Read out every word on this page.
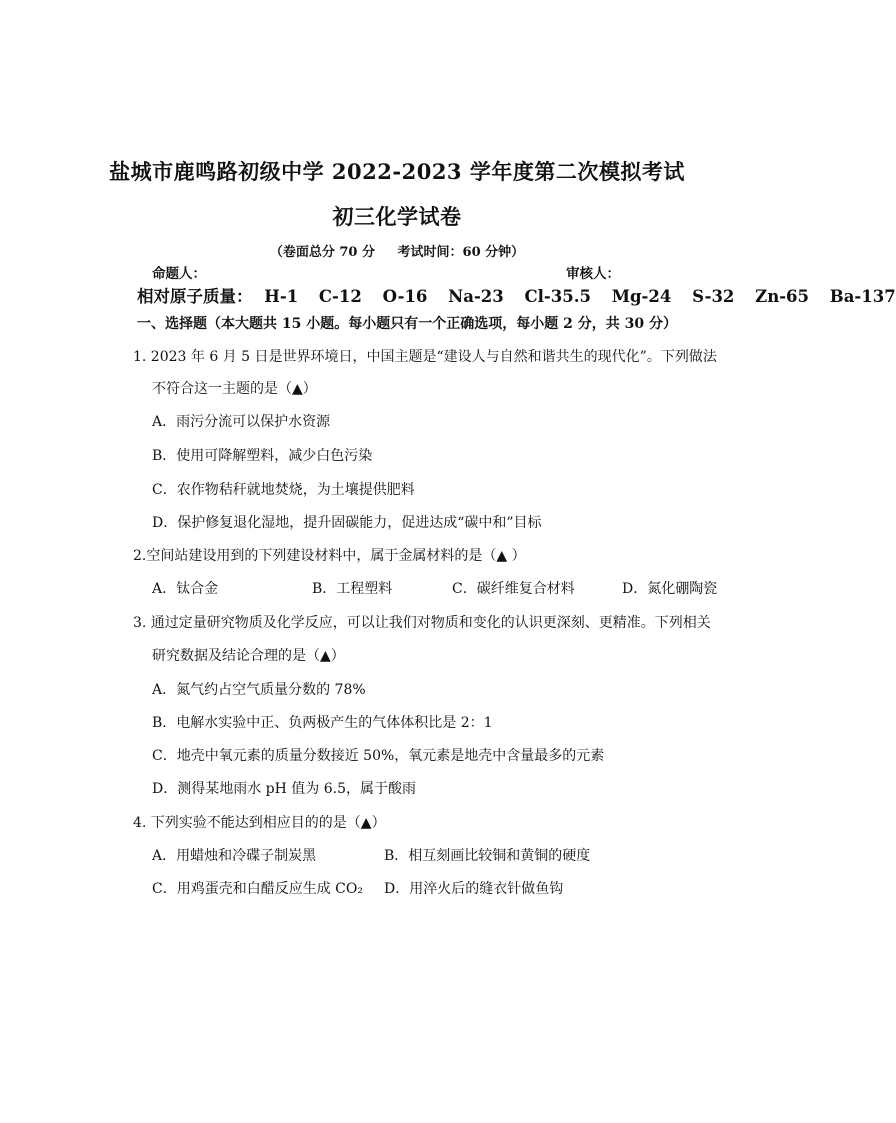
盐城市鹿鸣路初级中学 2022-2023 学年度第二次模拟考试
初三化学试卷
（卷面总分 70 分 考试时间：60 分钟）
命题人：	审核人：
相对原子质量： H-1 C-12 O-16 Na-23 Cl-35.5 Mg-24 S-32 Zn-65 Ba-137
一、选择题（本大题共 15 小题。每小题只有一个正确选项，每小题 2 分，共 30 分）
1. 2023 年 6 月 5 日是世界环境日，中国主题是“建设人与自然和谐共生的现代化”。下列做法
不符合这一主题的是（▲）
A．雨污分流可以保护水资源
B．使用可降解塑料，减少白色污染
C．农作物秸秆就地焚烧，为土壤提供肥料
D．保护修复退化湿地，提升固碳能力，促进达成“碳中和”目标
2.空间站建设用到的下列建设材料中，属于金属材料的是（▲ ）
A．钛合金	B．工程塑料	C．碳纤维复合材料	D．氮化硼陶瓷
3. 通过定量研究物质及化学反应，可以让我们对物质和变化的认识更深刻、更精准。下列相关
研究数据及结论合理的是（▲）
A．氮气约占空气质量分数的 78%
B．电解水实验中正、负两极产生的气体体积比是 2：1
C．地壳中氧元素的质量分数接近 50%，氧元素是地壳中含量最多的元素
D．测得某地雨水 pH 值为 6.5，属于酸雨
4. 下列实验不能达到相应目的的是（▲）
A．用蜡烛和冷碟子制炭黑	B．相互刻画比较铜和黄铜的硬度
C．用鸡蛋壳和白醋反应生成 CO₂ D．用淬火后的缝衣针做鱼钩
